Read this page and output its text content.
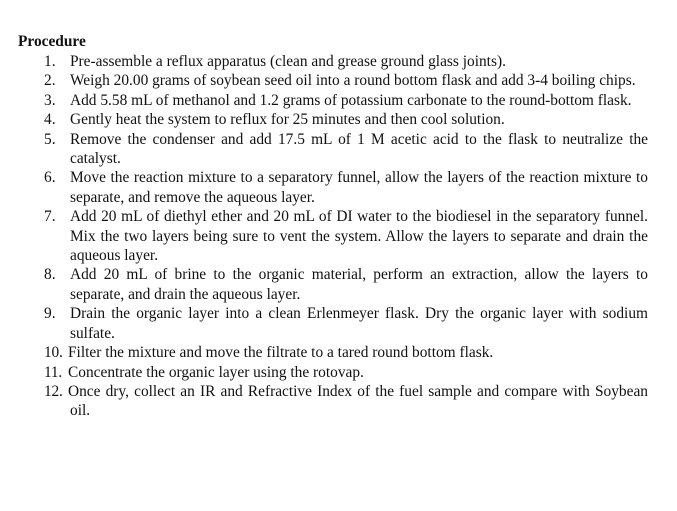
Procedure
1. Pre-assemble a reflux apparatus (clean and grease ground glass joints).
2. Weigh 20.00 grams of soybean seed oil into a round bottom flask and add 3-4 boiling chips.
3. Add 5.58 mL of methanol and 1.2 grams of potassium carbonate to the round-bottom flask.
4. Gently heat the system to reflux for 25 minutes and then cool solution.
5. Remove the condenser and add 17.5 mL of 1 M acetic acid to the flask to neutralize the catalyst.
6. Move the reaction mixture to a separatory funnel, allow the layers of the reaction mixture to separate, and remove the aqueous layer.
7. Add 20 mL of diethyl ether and 20 mL of DI water to the biodiesel in the separatory funnel. Mix the two layers being sure to vent the system. Allow the layers to separate and drain the aqueous layer.
8. Add 20 mL of brine to the organic material, perform an extraction, allow the layers to separate, and drain the aqueous layer.
9. Drain the organic layer into a clean Erlenmeyer flask. Dry the organic layer with sodium sulfate.
10. Filter the mixture and move the filtrate to a tared round bottom flask.
11. Concentrate the organic layer using the rotovap.
12. Once dry, collect an IR and Refractive Index of the fuel sample and compare with Soybean oil.
